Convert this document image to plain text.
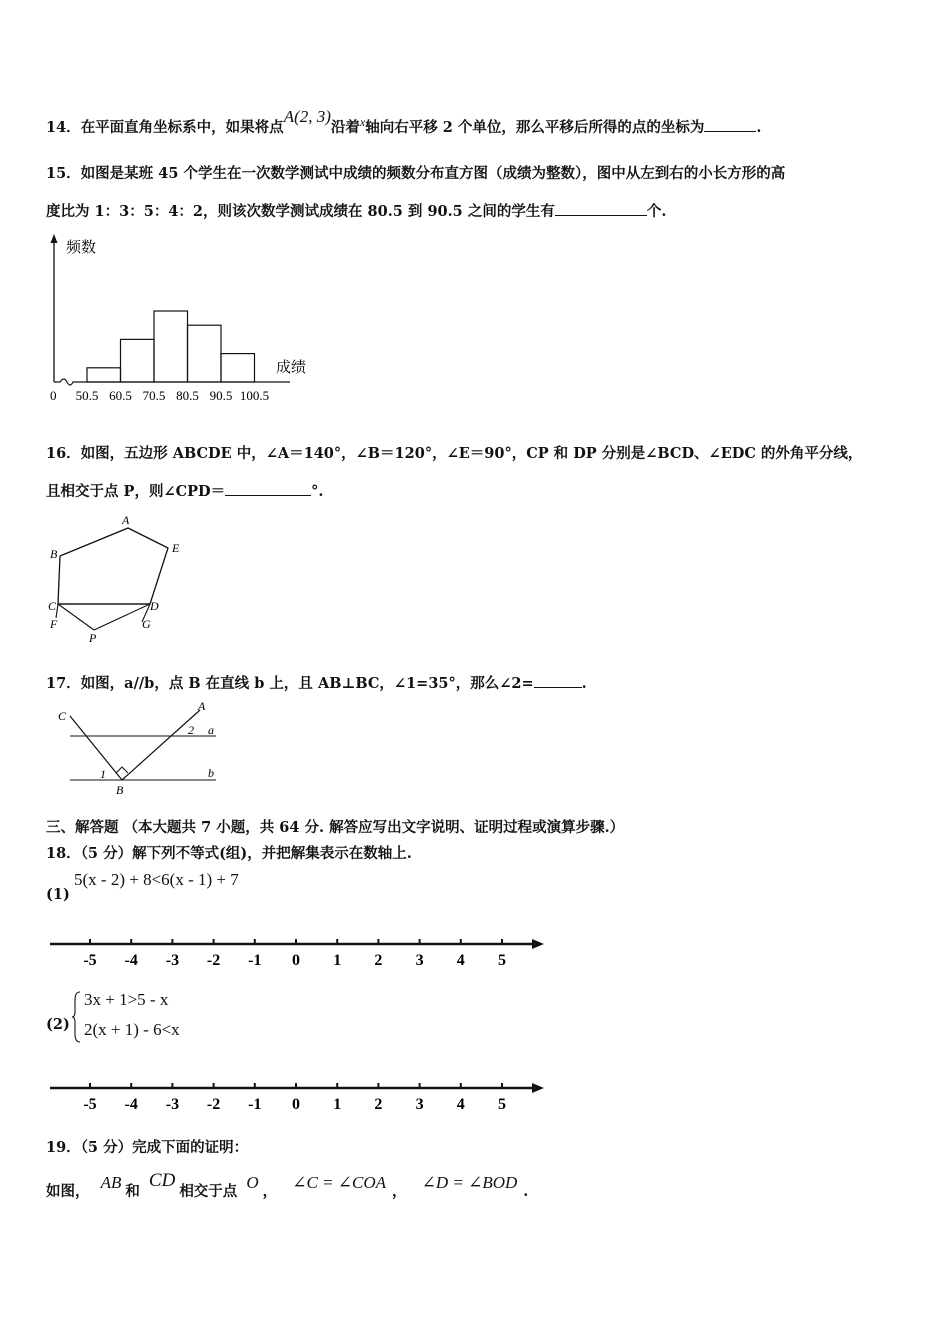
14．在平面直角坐标系中，如果将点A(2, 3)沿着$^x$轴向右平移 2 个单位，那么平移后所得的点的坐标为	.
15．如图是某班 45 个学生在一次数学测试中成绩的频数分布直方图（成绩为整数），图中从左到右的小长方形的高
度比为 1：3：5：4：2，则该次数学测试成绩在 80.5 到 90.5 之间的学生有	个.
频数
成绩
0 50.5 60.5 70.5 80.5 90.5 100.5
16．如图，五边形 ABCDE 中，∠A＝140°，∠B＝120°，∠E＝90°，CP 和 DP 分别是∠BCD、∠EDC 的外角平分线，
且相交于点 P，则∠CPD＝	°.
A
B	E
C	D
F	G
P
17．如图，a//b，点 B 在直线 b 上，且 AB⊥BC，∠1=35°，那么∠2=	.
C
A
2 a
1	b
B
三、解答题 （本大题共 7 小题，共 64 分. 解答应写出文字说明、证明过程或演算步骤.）
18．（5 分）解下列不等式(组)，并把解集表示在数轴上.
(1)
5(x - 2) + 8<6(x - 1) + 7
-5 -4 -3 -2 -1 0 1 2 3 4 5
(2)
3x + 1>5 - x
2(x + 1) - 6<x
-5 -4 -3 -2 -1 0 1 2 3 4 5
19．（5 分）完成下面的证明：
如图， AB 和 CD相交于点 O ， ∠C = ∠COA ， ∠D = ∠BOD .
